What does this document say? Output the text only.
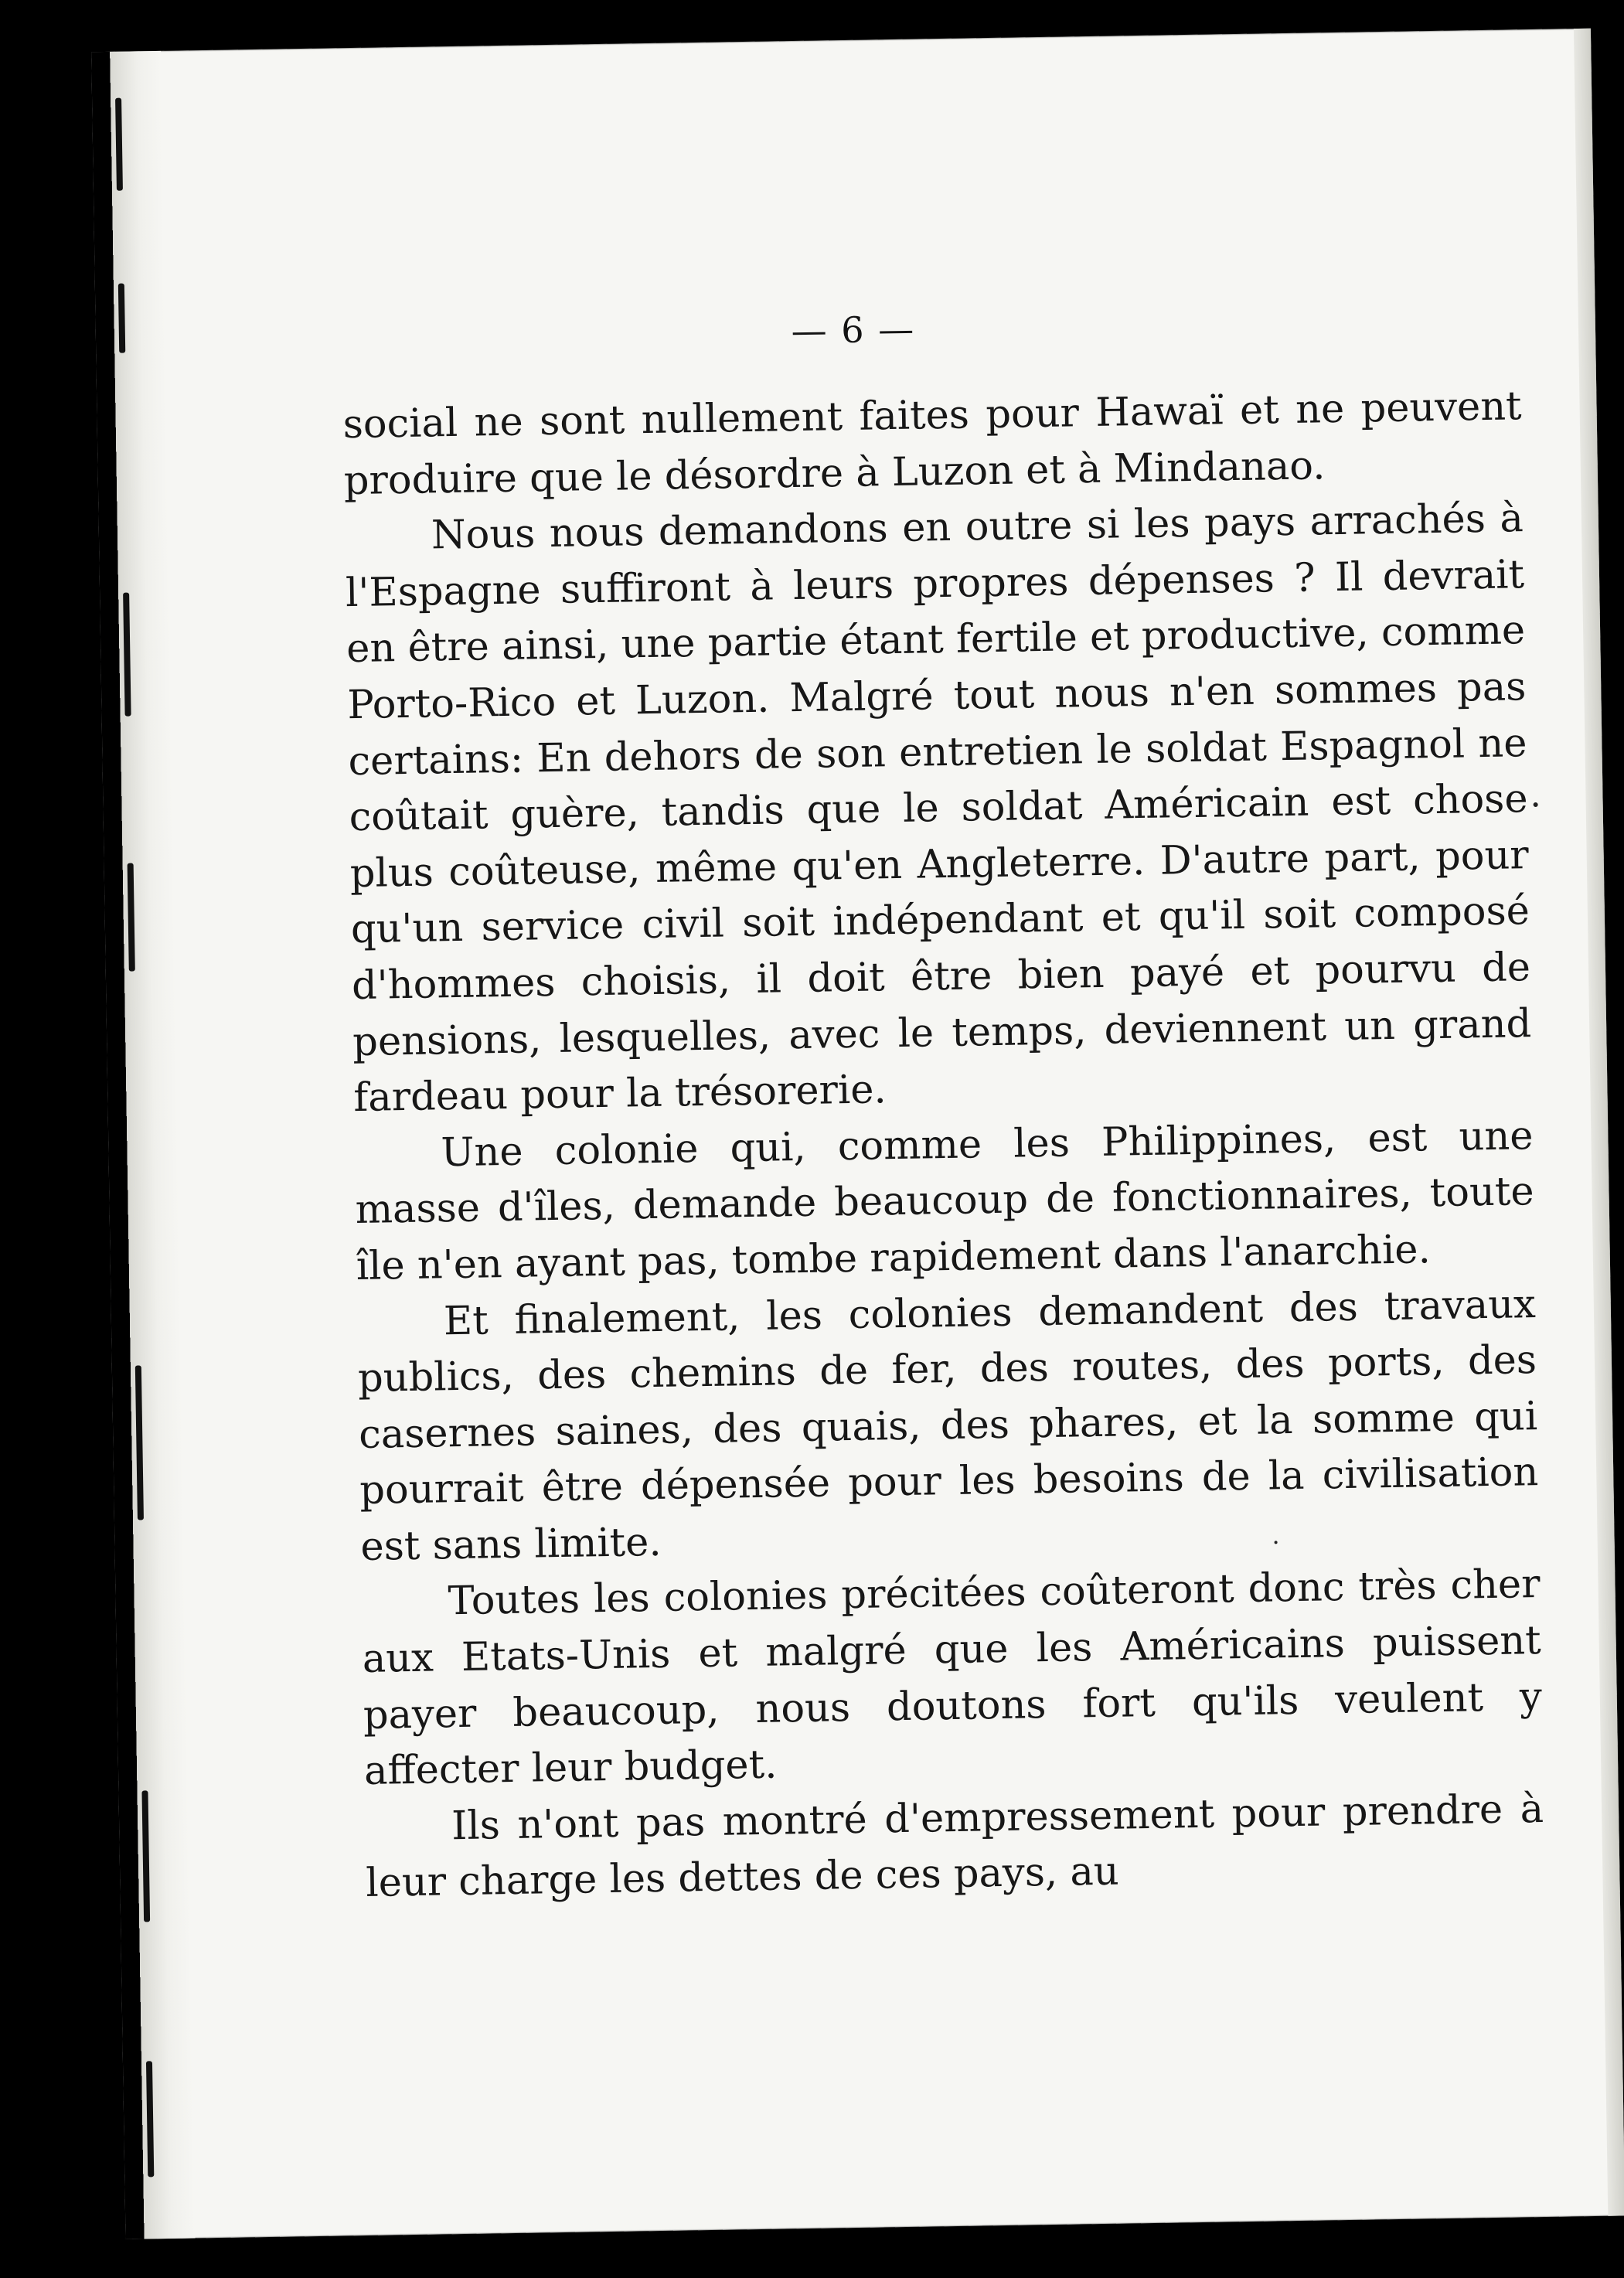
— 6 —

social ne sont nullement faites pour Hawaï et ne peuvent produire que le désordre à Luzon et à Mindanao.

Nous nous demandons en outre si les pays arrachés à l'Espagne suffiront à leurs propres dépenses ? Il devrait en être ainsi, une partie étant fertile et productive, comme Porto-Rico et Luzon. Malgré tout nous n'en sommes pas certains: En dehors de son entretien le soldat Espagnol ne coûtait guère, tandis que le soldat Américain est chose plus coûteuse, même qu'en Angleterre. D'autre part, pour qu'un service civil soit indépendant et qu'il soit composé d'hommes choisis, il doit être bien payé et pourvu de pensions, lesquelles, avec le temps, deviennent un grand fardeau pour la trésorerie.

Une colonie qui, comme les Philippines, est une masse d'îles, demande beaucoup de fonctionnaires, toute île n'en ayant pas, tombe rapidement dans l'anarchie.

Et finalement, les colonies demandent des travaux publics, des chemins de fer, des routes, des ports, des casernes saines, des quais, des phares, et la somme qui pourrait être dépensée pour les besoins de la civilisation est sans limite.

Toutes les colonies précitées coûteront donc très cher aux Etats-Unis et malgré que les Américains puissent payer beaucoup, nous doutons fort qu'ils veulent y affecter leur budget.

Ils n'ont pas montré d'empressement pour prendre à leur charge les dettes de ces pays, au
